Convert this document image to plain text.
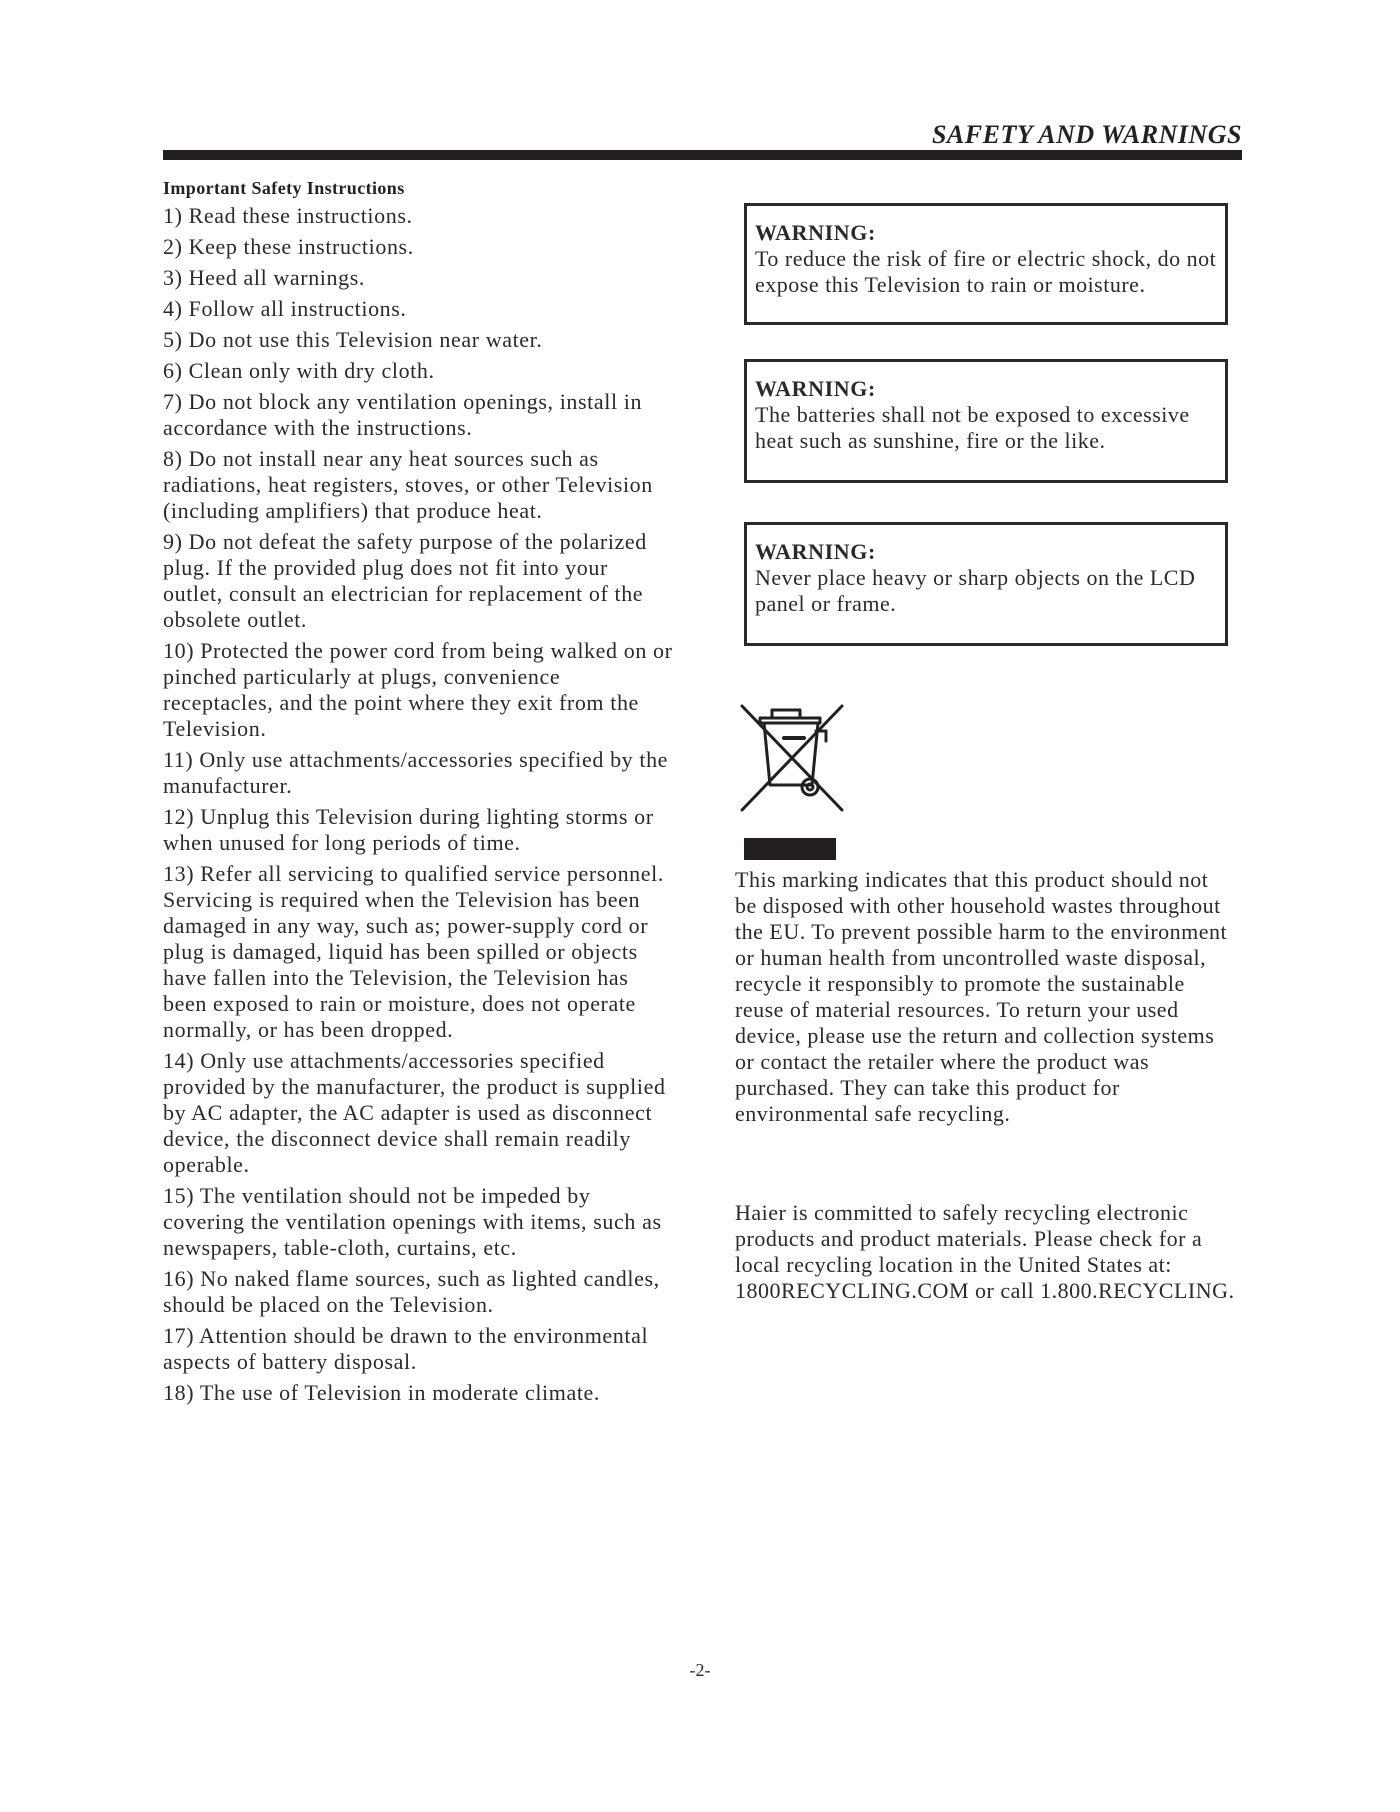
SAFETY AND WARNINGS
Important Safety Instructions
1) Read these instructions.
2) Keep these instructions.
3) Heed all warnings.
4) Follow all instructions.
5) Do not use this Television near water.
6) Clean only with dry cloth.
7) Do not block any ventilation openings, install in accordance with the instructions.
8) Do not install near any heat sources such as radiations, heat registers, stoves, or other Television (including amplifiers) that produce heat.
9) Do not defeat the safety purpose of the polarized plug. If the provided plug does not fit into your outlet, consult an electrician for replacement of the obsolete outlet.
10) Protected the power cord from being walked on or pinched particularly at plugs, convenience receptacles, and the point where they exit from the Television.
11) Only use attachments/accessories specified by the manufacturer.
12) Unplug this Television during lighting storms or when unused for long periods of time.
13) Refer all servicing to qualified service personnel. Servicing is required when the Television has been damaged in any way, such as; power-supply cord or plug is damaged, liquid has been spilled or objects have fallen into the Television, the Television has been exposed to rain or moisture, does not operate normally, or has been dropped.
14) Only use attachments/accessories specified provided by the manufacturer, the product is supplied by AC adapter, the AC adapter is used as disconnect device, the disconnect device shall remain readily operable.
15) The ventilation should not be impeded by covering the ventilation openings with items, such as newspapers, table-cloth, curtains, etc.
16) No naked flame sources, such as lighted candles, should be placed on the Television.
17) Attention should be drawn to the environmental aspects of battery disposal.
18) The use of Television in moderate climate.
WARNING:
To reduce the risk of fire or electric shock, do not expose this Television to rain or moisture.
WARNING:
The batteries shall not be exposed to excessive heat such as sunshine, fire or the like.
WARNING:
Never place heavy or sharp objects on the LCD panel or frame.

This marking indicates that this product should not be disposed with other household wastes throughout the EU. To prevent possible harm to the environment or human health from uncontrolled waste disposal, recycle it responsibly to promote the sustainable reuse of material resources. To return your used device, please use the return and collection systems or contact the retailer where the product was purchased. They can take this product for environmental safe recycling.

Haier is committed to safely recycling electronic products and product materials. Please check for a local recycling location in the United States at: 1800RECYCLING.COM or call 1.800.RECYCLING.

-2-
